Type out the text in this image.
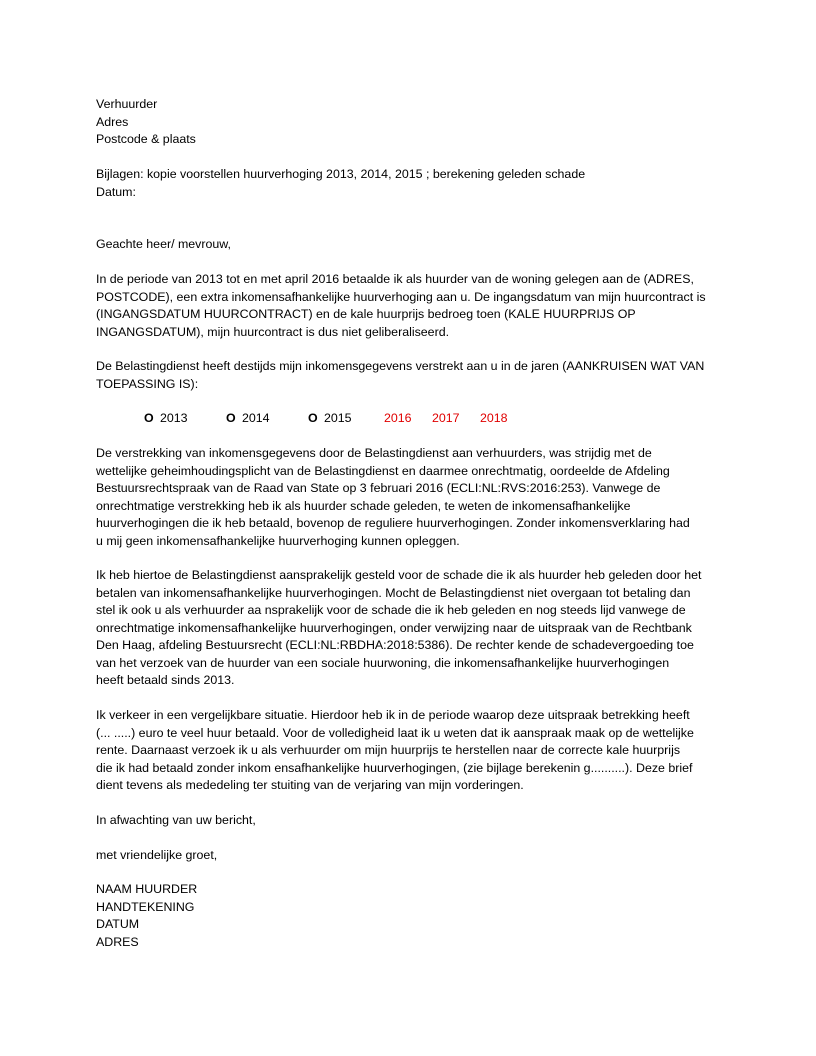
Verhuurder
Adres
Postcode & plaats
Bijlagen: kopie voorstellen huurverhoging 2013, 2014, 2015 ; berekening geleden schade
Datum:
Geachte heer/ mevrouw,
In de periode van 2013 tot en met april 2016 betaalde ik als huurder van de woning gelegen aan de (ADRES,
POSTCODE), een extra inkomensafhankelijke huurverhoging aan u. De ingangsdatum van mijn huurcontract is
(INGANGSDATUM HUURCONTRACT) en de kale huurprijs bedroeg toen (KALE HUURPRIJS OP
INGANGSDATUM), mijn huurcontract is dus niet geliberaliseerd.
De Belastingdienst heeft destijds mijn inkomensgegevens verstrekt aan u in de jaren (AANKRUISEN WAT VAN
TOEPASSING IS):
O 2013	O 2014	O 2015	2016 2017 2018
De verstrekking van inkomensgegevens door de Belastingdienst aan verhuurders, was strijdig met de
wettelijke geheimhoudingsplicht van de Belastingdienst en daarmee onrechtmatig, oordeelde de Afdeling
Bestuursrechtspraak van de Raad van State op 3 februari 2016 (ECLI:NL:RVS:2016:253). Vanwege de
onrechtmatige verstrekking heb ik als huurder schade geleden, te weten de inkomensafhankelijke
huurverhogingen die ik heb betaald, bovenop de reguliere huurverhogingen. Zonder inkomensverklaring had
u mij geen inkomensafhankelijke huurverhoging kunnen opleggen.
Ik heb hiertoe de Belastingdienst aansprakelijk gesteld voor de schade die ik als huurder heb geleden door het
betalen van inkomensafhankelijke huurverhogingen. Mocht de Belastingdienst niet overgaan tot betaling dan
stel ik ook u als verhuurder aa nsprakelijk voor de schade die ik heb geleden en nog steeds lijd vanwege de
onrechtmatige inkomensafhankelijke huurverhogingen, onder verwijzing naar de uitspraak van de Rechtbank
Den Haag, afdeling Bestuursrecht (ECLI:NL:RBDHA:2018:5386). De rechter kende de schadevergoeding toe
van het verzoek van de huurder van een sociale huurwoning, die inkomensafhankelijke huurverhogingen
heeft betaald sinds 2013.
Ik verkeer in een vergelijkbare situatie. Hierdoor heb ik in de periode waarop deze uitspraak betrekking heeft
(... .....) euro te veel huur betaald. Voor de volledigheid laat ik u weten dat ik aanspraak maak op de wettelijke
rente. Daarnaast verzoek ik u als verhuurder om mijn huurprijs te herstellen naar de correcte kale huurprijs
die ik had betaald zonder inkom ensafhankelijke huurverhogingen, (zie bijlage berekenin g..........). Deze brief
dient tevens als mededeling ter stuiting van de verjaring van mijn vorderingen.
In afwachting van uw bericht,
met vriendelijke groet,
NAAM HUURDER
HANDTEKENING
DATUM
ADRES
